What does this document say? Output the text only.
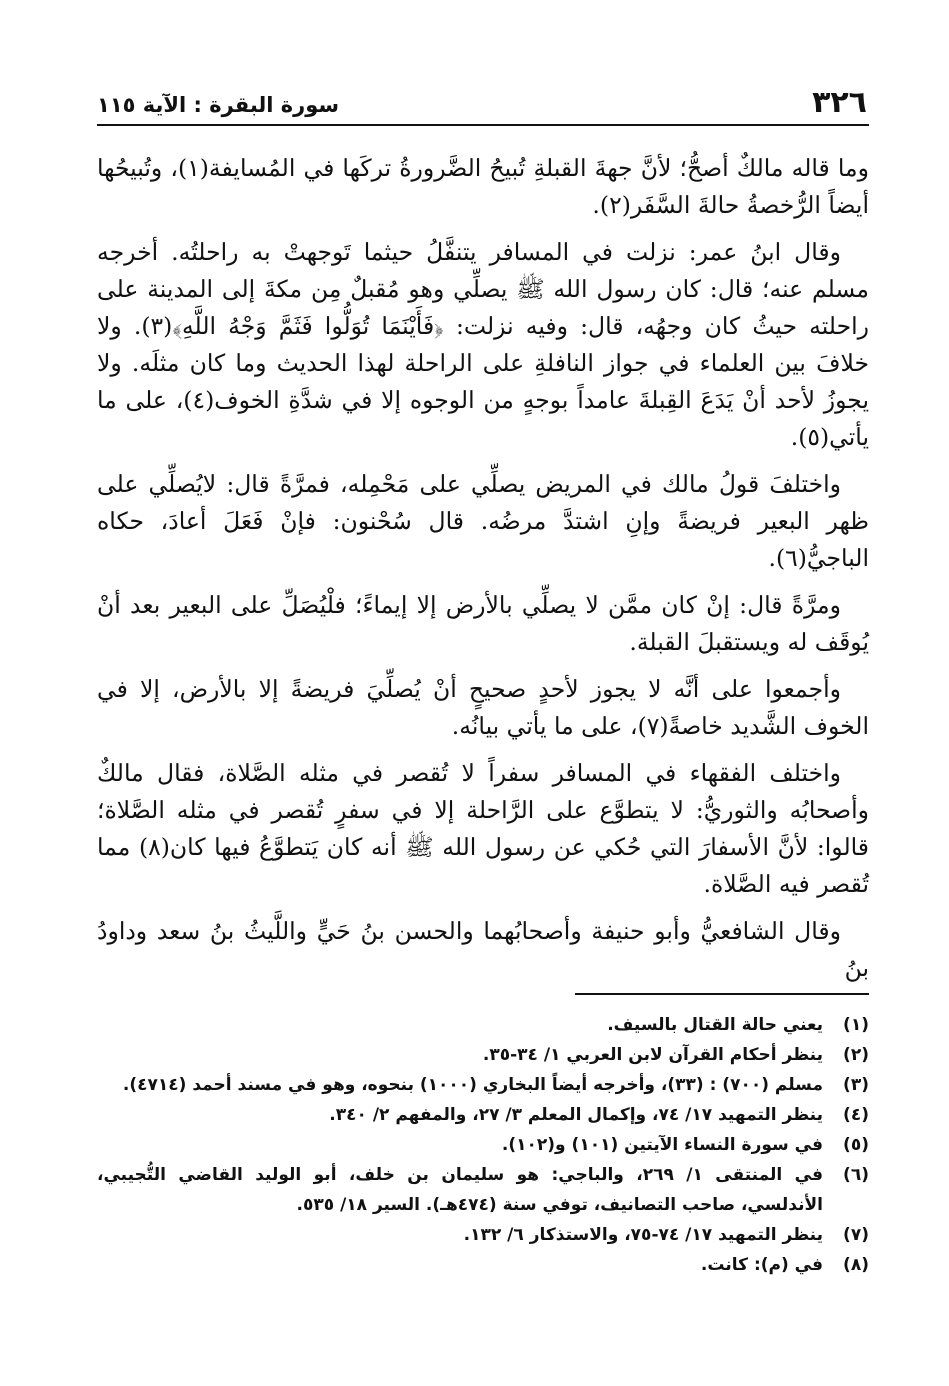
٣٢٦
سورة البقرة : الآية ١١٥

وما قاله مالكٌ أصحُّ؛ لأنَّ جهةَ القبلةِ تُبيحُ الضَّرورةُ تركَها في المُسايفة(١)، وتُبيحُها أيضاً الرُّخصةُ حالةَ السَّفَر(٢).

وقال ابنُ عمر: نزلت في المسافر يتنفَّلُ حيثما تَوجهتْ به راحلتُه. أخرجه مسلم عنه؛ قال: كان رسول الله ﷺ يصلِّي وهو مُقبلٌ مِن مكةَ إلى المدينة على راحلته حيثُ كان وجهُه، قال: وفيه نزلت: ﴿فَأَيْنَمَا تُوَلُّوا فَثَمَّ وَجْهُ اللَّهِ﴾(٣). ولا خلافَ بين العلماء في جواز النافلةِ على الراحلة لهذا الحديث وما كان مثلَه. ولا يجوزُ لأحد أنْ يَدَعَ القِبلةَ عامداً بوجهٍ من الوجوه إلا في شدَّةِ الخوف(٤)، على ما يأتي(٥).

واختلفَ قولُ مالك في المريض يصلِّي على مَحْمِله، فمرَّةً قال: لايُصلِّي على ظهر البعير فريضةً وإنِ اشتدَّ مرضُه. قال سُحْنون: فإنْ فَعَلَ أعادَ، حكاه الباجيُّ(٦).

ومرَّةً قال: إنْ كان ممَّن لا يصلِّي بالأرض إلا إيماءً؛ فلْيُصَلِّ على البعير بعد أنْ يُوقَف له ويستقبلَ القبلة.

وأجمعوا على أنَّه لا يجوز لأحدٍ صحيحٍ أنْ يُصلِّيَ فريضةً إلا بالأرض، إلا في الخوف الشَّديد خاصةً(٧)، على ما يأتي بيانُه.

واختلف الفقهاء في المسافر سفراً لا تُقصر في مثله الصَّلاة، فقال مالكٌ وأصحابُه والثوريُّ: لا يتطوَّع على الرَّاحلة إلا في سفرٍ تُقصر في مثله الصَّلاة؛ قالوا: لأنَّ الأسفارَ التي حُكي عن رسول الله ﷺ أنه كان يَتطوَّعُ فيها كان(٨) مما تُقصر فيه الصَّلاة.

وقال الشافعيُّ وأبو حنيفة وأصحابُهما والحسن بنُ حَيٍّ واللَّيثُ بنُ سعد وداودُ بنُ

(١)
يعني حالة القتال بالسيف.
(٢)
ينظر أحكام القرآن لابن العربي ١/ ٣٤-٣٥.
(٣)
مسلم (٧٠٠) : (٣٣)، وأخرجه أيضاً البخاري (١٠٠٠) بنحوه، وهو في مسند أحمد (٤٧١٤).
(٤)
ينظر التمهيد ١٧/ ٧٤، وإكمال المعلم ٣/ ٢٧، والمفهم ٢/ ٣٤٠.
(٥)
في سورة النساء الآيتين (١٠١) و(١٠٢).
(٦)
في المنتقى ١/ ٢٦٩، والباجي: هو سليمان بن خلف، أبو الوليد القاضي التُّجيبي، الأندلسي، صاحب التصانيف، توفي سنة (٤٧٤هـ). السير ١٨/ ٥٣٥.
(٧)
ينظر التمهيد ١٧/ ٧٤-٧٥، والاستذكار ٦/ ١٣٢.
(٨)
في (م): كانت.
